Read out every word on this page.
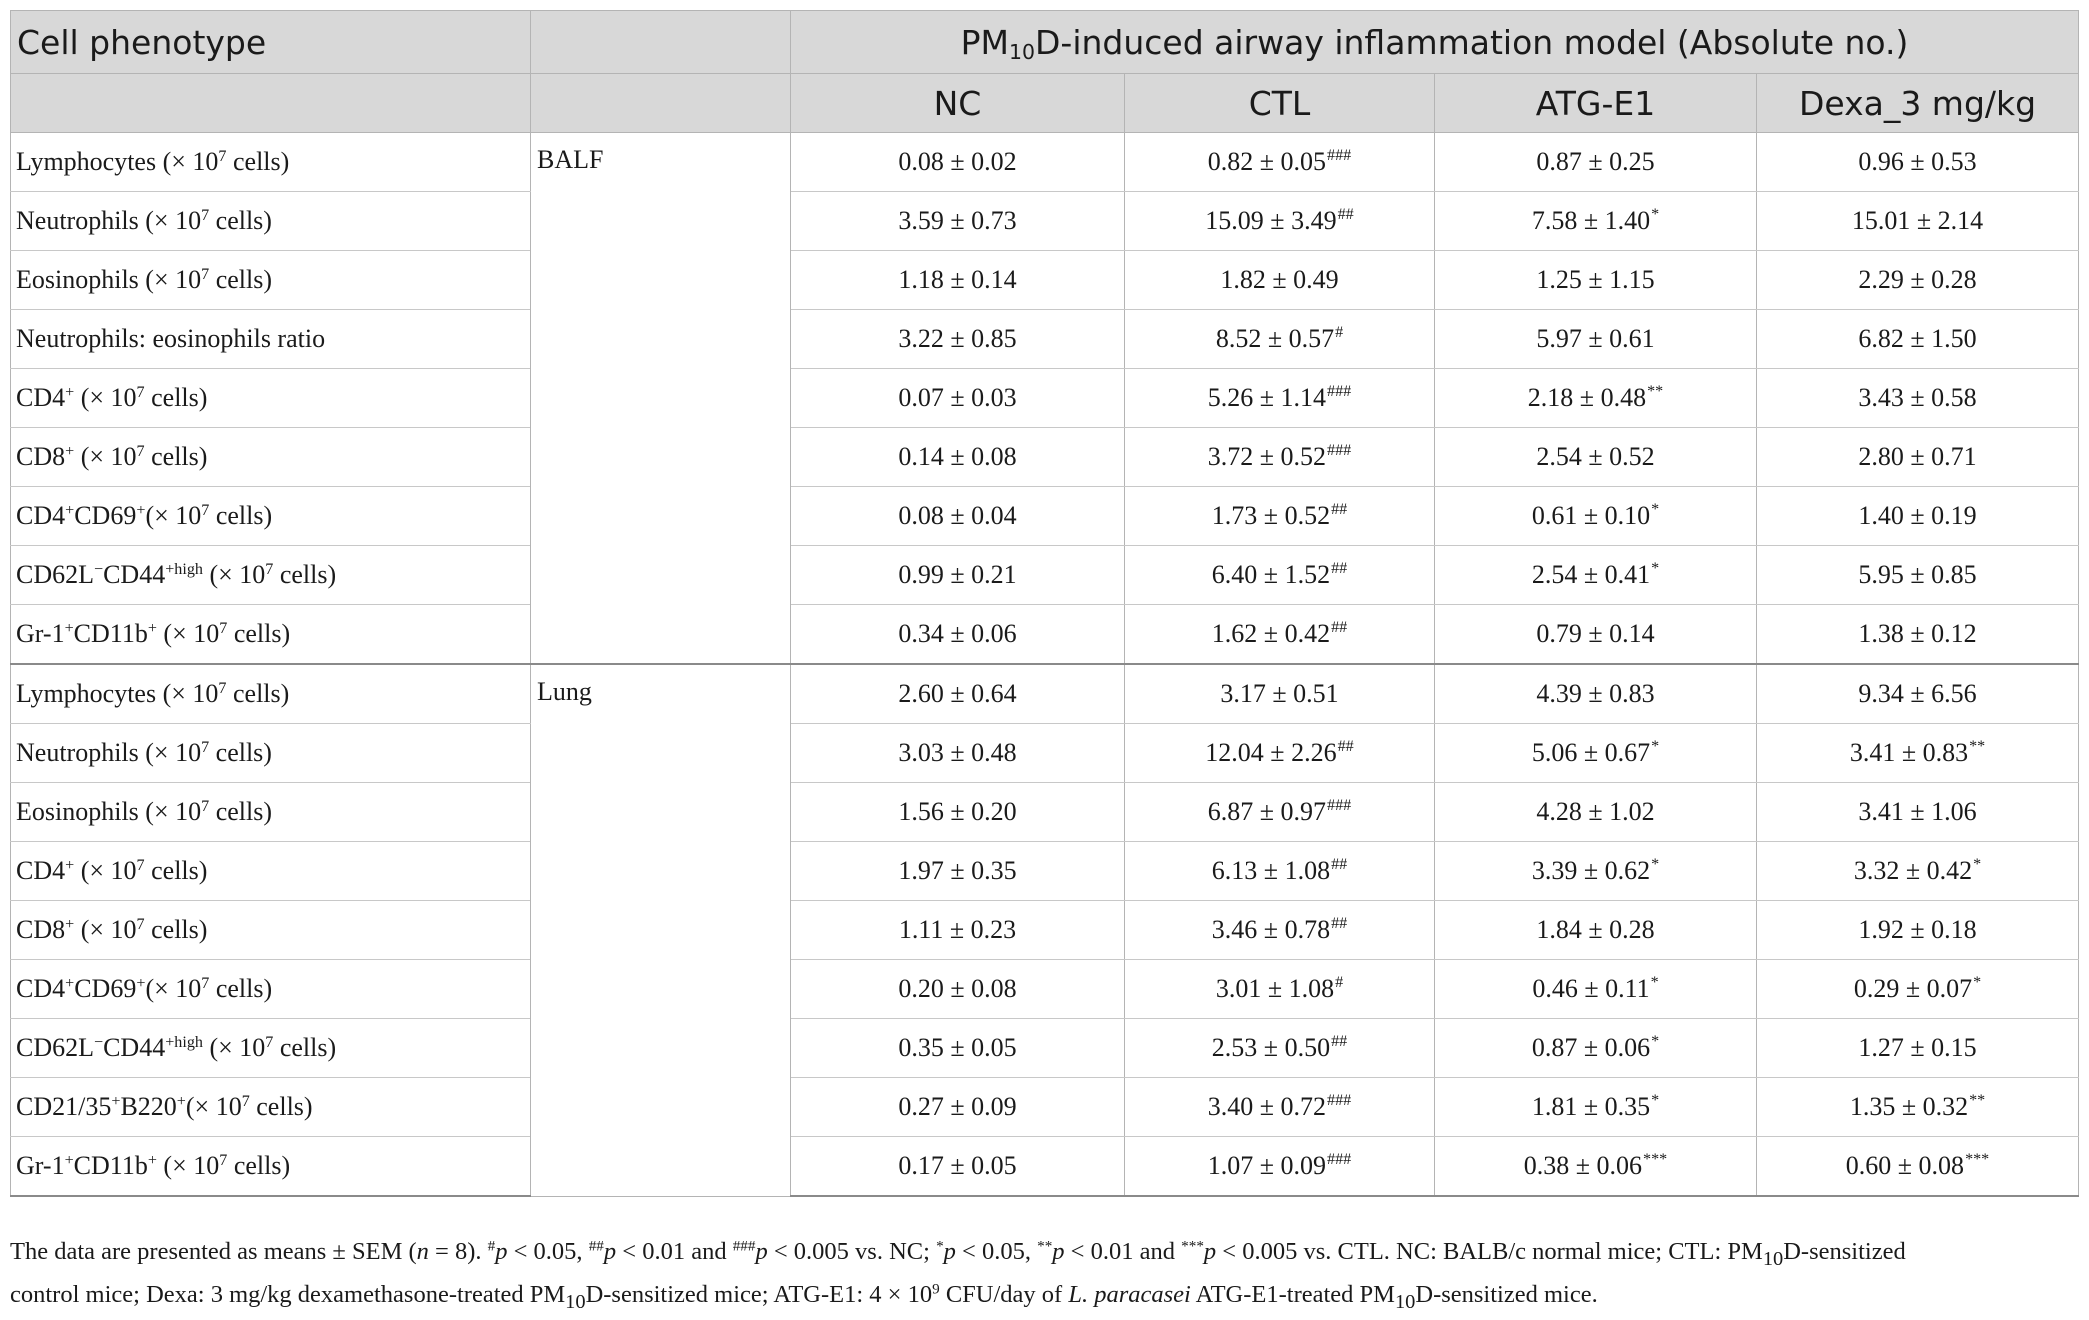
Cell phenotype		$PM_{10}D$-induced airway inflammation model (Absolute no.)			
		NC	CTL	ATG-E1	Dexa_3 mg/kg
Lymphocytes (× $10^7$ cells)	BALF	0.08 ± 0.02	0.82 ± 0.05###	0.87 ± 0.25	0.96 ± 0.53
Neutrophils (× $10^7$ cells)		3.59 ± 0.73	15.09 ± 3.49##	7.58 ± 1.40*	15.01 ± 2.14
Eosinophils (× $10^7$ cells)		1.18 ± 0.14	1.82 ± 0.49	1.25 ± 1.15	2.29 ± 0.28
Neutrophils: eosinophils ratio		3.22 ± 0.85	8.52 ± 0.57#	5.97 ± 0.61	6.82 ± 1.50
CD4+ (× $10^7$ cells)		0.07 ± 0.03	5.26 ± 1.14###	2.18 ± 0.48**	3.43 ± 0.58
CD8+ (× $10^7$ cells)		0.14 ± 0.08	3.72 ± 0.52###	2.54 ± 0.52	2.80 ± 0.71
$CD4^+CD69^+(\times 10^7$ cells)		0.08 ± 0.04	1.73 ± 0.52##	0.61 ± 0.10*	1.40 ± 0.19
$CD62L^-CD44^{+high}$ (× $10^7$ cells)		0.99 ± 0.21	6.40 ± 1.52##	2.54 ± 0.41*	5.95 ± 0.85
Gr-1+CD11b+ (× $10^7$ cells)		0.34 ± 0.06	1.62 ± 0.42##	0.79 ± 0.14	1.38 ± 0.12
Lymphocytes (× $10^7$ cells)	Lung	2.60 ± 0.64	3.17 ± 0.51	4.39 ± 0.83	9.34 ± 6.56
Neutrophils (× $10^7$ cells)		3.03 ± 0.48	12.04 ± 2.26##	5.06 ± 0.67*	3.41 ± 0.83**
Eosinophils (× $10^7$ cells)		1.56 ± 0.20	6.87 ± 0.97###	4.28 ± 1.02	3.41 ± 1.06
CD4+ (× $10^7$ cells)		1.97 ± 0.35	6.13 ± 1.08##	3.39 ± 0.62*	3.32 ± 0.42*
CD8+ (× $10^7$ cells)		1.11 ± 0.23	3.46 ± 0.78##	1.84 ± 0.28	1.92 ± 0.18
$CD4^+CD69^+(\times 10^7$ cells)		0.20 ± 0.08	3.01 ± 1.08#	0.46 ± 0.11*	0.29 ± 0.07*
$CD62L^-CD44^{+high}$ (× $10^7$ cells)		0.35 ± 0.05	2.53 ± 0.50##	0.87 ± 0.06*	1.27 ± 0.15
$CD21/35^+B220^+(\times 10^7$ cells)		0.27 ± 0.09	3.40 ± 0.72###	1.81 ± 0.35*	1.35 ± 0.32**
Gr-1+CD11b+ (× $10^7$ cells)		0.17 ± 0.05	1.07 ± 0.09###	0.38 ± 0.06***	0.60 ± 0.08***
The data are presented as means ± SEM (n = 8). #p < 0.05, ##p < 0.01 and ###p < 0.005 vs. NC; *p < 0.05, **p < 0.01 and ***p < 0.005 vs. CTL. NC: BALB/c normal mice; CTL: $PM_{10}D$-sensitized
control mice; Dexa: 3 mg/kg dexamethasone-treated $PM_{10}D$-sensitized mice; ATG-E1: $4 \times 10^9$ CFU/day of L. paracasei ATG-E1-treated $PM_{10}D$-sensitized mice.
